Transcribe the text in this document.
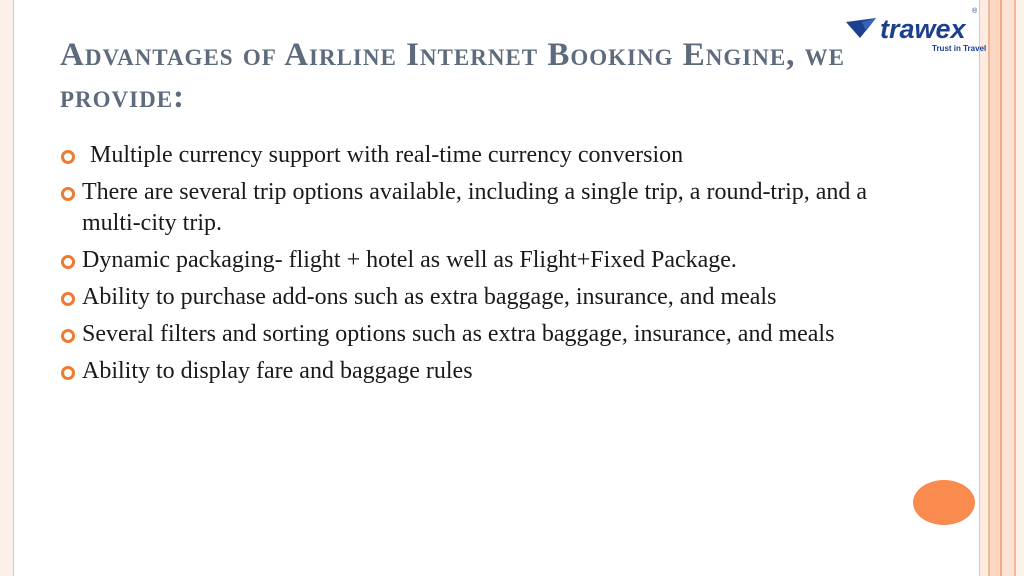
trawex
®
Trust in Travel
Advantages of Airline Internet Booking Engine, we provide:
Multiple currency support with real-time currency conversion
There are several trip options available, including a single trip, a round-trip, and a multi-city trip.
Dynamic packaging- flight + hotel as well as Flight+Fixed Package.
Ability to purchase add-ons such as extra baggage, insurance, and meals
Several filters and sorting options such as extra baggage, insurance, and meals
Ability to display fare and baggage rules
